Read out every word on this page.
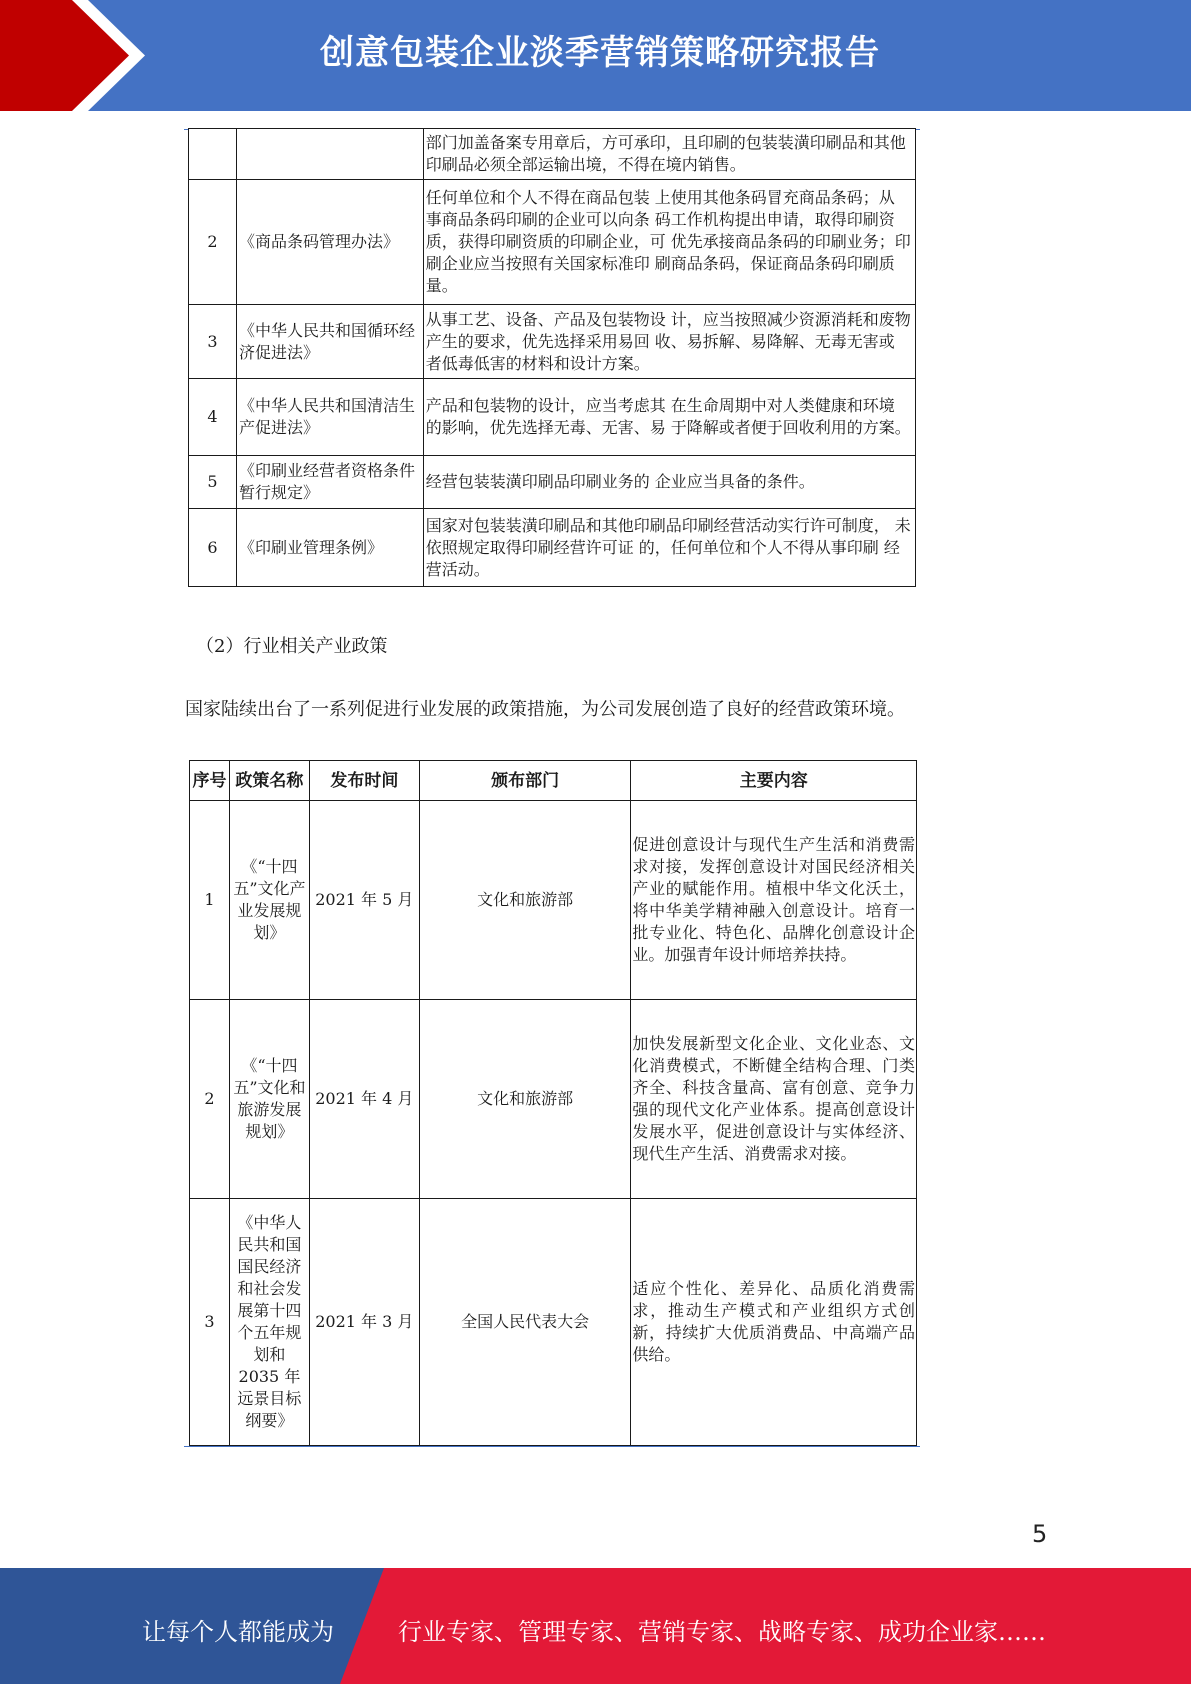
创意包装企业淡季营销策略研究报告
		部门加盖备案专用章后，方可承印，且印刷的包装装潢印刷品和其他印刷品必须全部运输出境，不得在境内销售。
2	《商品条码管理办法》	任何单位和个人不得在商品包装 上使用其他条码冒充商品条码；从 事商品条码印刷的企业可以向条 码工作机构提出申请，取得印刷资 质，获得印刷资质的印刷企业，可 优先承接商品条码的印刷业务；印 刷企业应当按照有关国家标准印 刷商品条码，保证商品条码印刷质 量。
3	《中华人民共和国循环经济促进法》	从事工艺、设备、产品及包装物设 计，应当按照减少资源消耗和废物 产生的要求，优先选择采用易回 收、易拆解、易降解、无毒无害或 者低毒低害的材料和设计方案。
4	《中华人民共和国清洁生产促进法》	产品和包装物的设计，应当考虑其 在生命周期中对人类健康和环境 的影响，优先选择无毒、无害、易 于降解或者便于回收利用的方案。
5	《印刷业经营者资格条件暂行规定》	经营包装装潢印刷品印刷业务的 企业应当具备的条件。
6	《印刷业管理条例》	国家对包装装潢印刷品和其他印刷品印刷经营活动实行许可制度， 未依照规定取得印刷经营许可证 的，任何单位和个人不得从事印刷 经营活动。
（2）行业相关产业政策
国家陆续出台了一系列促进行业发展的政策措施，为公司发展创造了良好的经营政策环境。
序号	政策名称	发布时间	颁布部门	主要内容
1	《“十四五”文化产业发展规划》	2021 年 5 月	文化和旅游部	促进创意设计与现代生产生活和消费需求对接，发挥创意设计对国民经济相关产业的赋能作用。植根中华文化沃土，将中华美学精神融入创意设计。培育一批专业化、特色化、品牌化创意设计企业。加强青年设计师培养扶持。
2	《“十四五”文化和旅游发展规划》	2021 年 4 月	文化和旅游部	加快发展新型文化企业、文化业态、文化消费模式，不断健全结构合理、门类齐全、科技含量高、富有创意、竞争力强的现代文化产业体系。提高创意设计发展水平，促进创意设计与实体经济、现代生产生活、消费需求对接。
3	《中华人民共和国国民经济和社会发展第十四个五年规划和 2035 年远景目标纲要》	2021 年 3 月	全国人民代表大会	适应个性化、差异化、品质化消费需求，推动生产模式和产业组织方式创新，持续扩大优质消费品、中高端产品供给。
5
让每个人都能成为	行业专家、管理专家、营销专家、战略专家、成功企业家……
